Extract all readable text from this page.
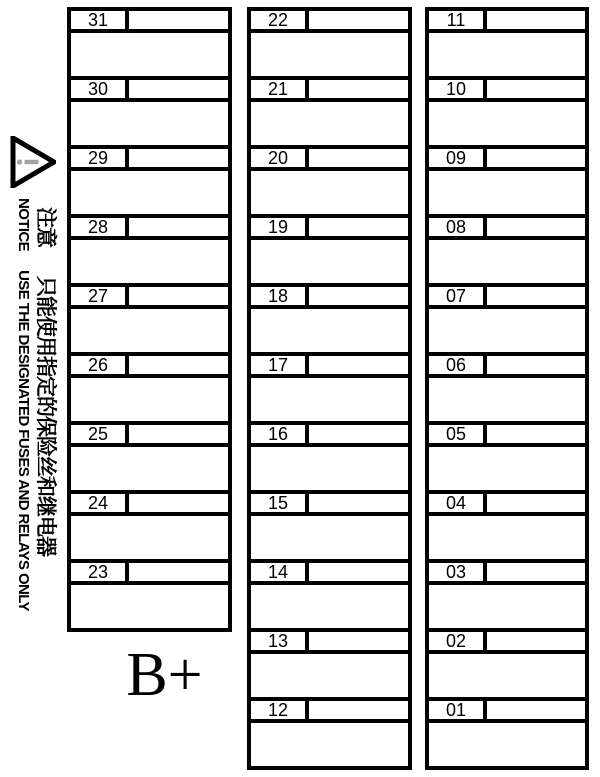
注意
只能使用指定的保险丝和继电器
NOTICE
USE THE DESIGNATED FUSES AND RELAYS ONLY
31
30
29
28
27
26
25
24
23
22
21
20
19
18
17
16
15
14
13
12
11
10
09
08
07
06
05
04
03
02
01
B+
